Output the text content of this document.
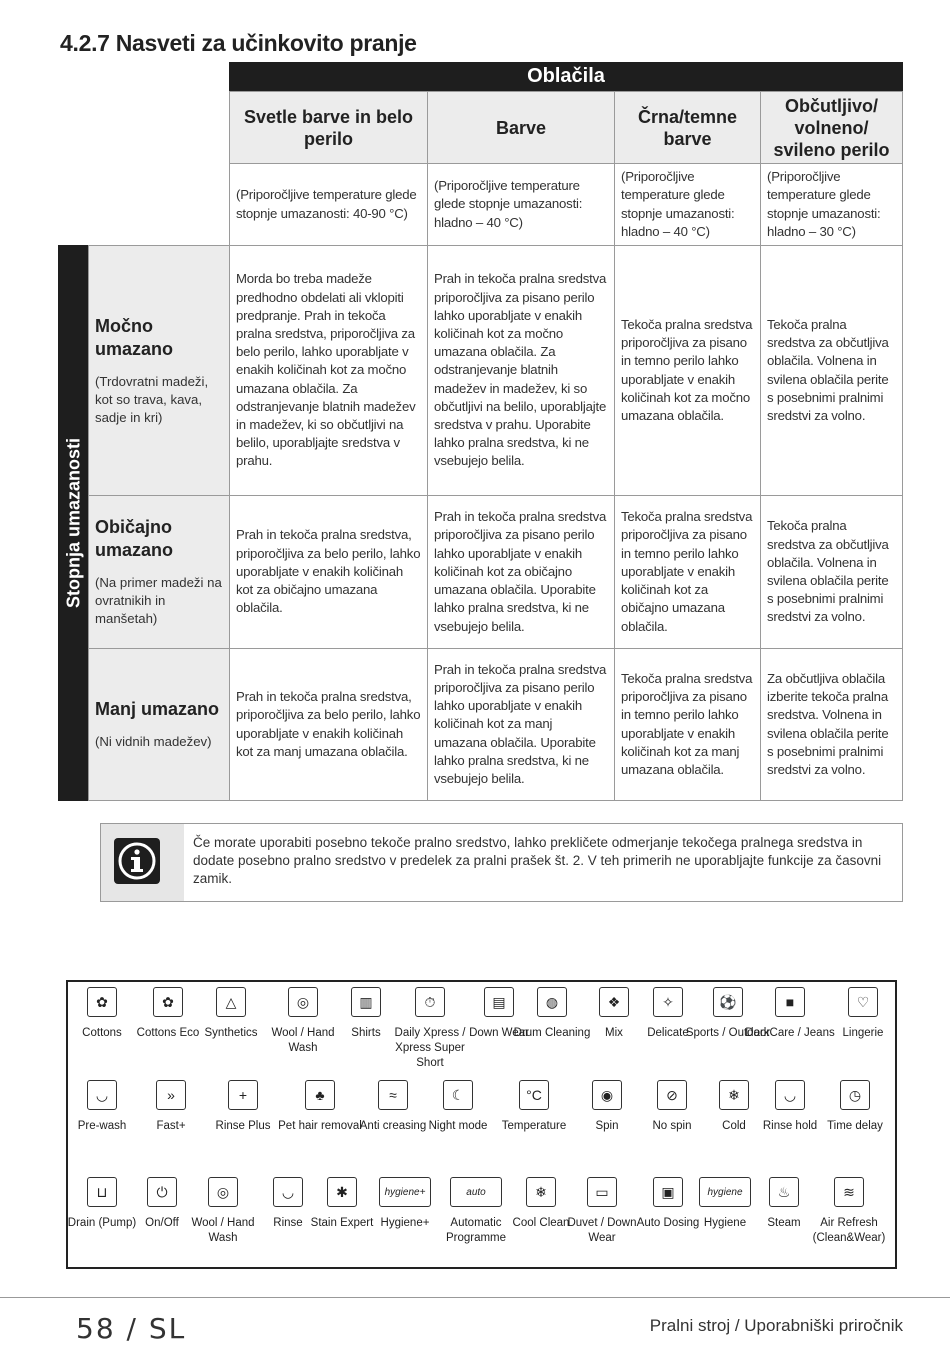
4.2.7 Nasveti za učinkovito pranje
Oblačila
Svetle barve in belo perilo
Barve
Črna/temne barve
Občutljivo/ volneno/ svileno perilo
(Priporočljive temperature glede stopnje umazanosti: 40-90 °C)
(Priporočljive temperature glede stopnje umazanosti: hladno – 40 °C)
(Priporočljive temperature glede stopnje umazanosti: hladno – 40 °C)
(Priporočljive temperature glede stopnje umazanosti: hladno – 30 °C)
Stopnja umazanosti
Močno umazano
(Trdovratni madeži, kot so trava, kava, sadje in kri)
Morda bo treba madeže predhodno obdelati ali vklopiti predpranje. Prah in tekoča pralna sredstva, priporočljiva za belo perilo, lahko uporabljate v enakih količinah kot za močno umazana oblačila. Za odstranjevanje blatnih madežev in madežev, ki so občutljivi na belilo, uporabljajte sredstva v prahu.
Prah in tekoča pralna sredstva priporočljiva za pisano perilo lahko uporabljate v enakih količinah kot za močno umazana oblačila. Za odstranjevanje blatnih madežev in madežev, ki so občutljivi na belilo, uporabljajte sredstva v prahu. Uporabite lahko pralna sredstva, ki ne vsebujejo belila.
Tekoča pralna sredstva priporočljiva za pisano in temno perilo lahko uporabljate v enakih količinah kot za močno umazana oblačila.
Tekoča pralna sredstva za občutljiva oblačila. Volnena in svilena oblačila perite s posebnimi pralnimi sredstvi za volno.
Običajno umazano
(Na primer madeži na ovratnikih in manšetah)
Prah in tekoča pralna sredstva, priporočljiva za belo perilo, lahko uporabljate v enakih količinah kot za običajno umazana oblačila.
Prah in tekoča pralna sredstva priporočljiva za pisano perilo lahko uporabljate v enakih količinah kot za običajno umazana oblačila. Uporabite lahko pralna sredstva, ki ne vsebujejo belila.
Tekoča pralna sredstva priporočljiva za pisano in temno perilo lahko uporabljate v enakih količinah kot za običajno umazana oblačila.
Tekoča pralna sredstva za občutljiva oblačila. Volnena in svilena oblačila perite s posebnimi pralnimi sredstvi za volno.
Manj umazano
(Ni vidnih madežev)
Prah in tekoča pralna sredstva, priporočljiva za belo perilo, lahko uporabljate v enakih količinah kot za manj umazana oblačila.
Prah in tekoča pralna sredstva priporočljiva za pisano perilo lahko uporabljate v enakih količinah kot za manj umazana oblačila. Uporabite lahko pralna sredstva, ki ne vsebujejo belila.
Tekoča pralna sredstva priporočljiva za pisano in temno perilo lahko uporabljate v enakih količinah kot za manj umazana oblačila.
Za občutljiva oblačila izberite tekoča pralna sredstva. Volnena in svilena oblačila perite s posebnimi pralnimi sredstvi za volno.
Če morate uporabiti posebno tekoče pralno sredstvo, lahko prekličete odmerjanje tekočega pralnega sredstva in dodate posebno pralno sredstvo v predelek za pralni prašek št. 2. V teh primerih ne uporabljajte funkcije za časovni zamik.
✿
Cottons
✿
Cottons Eco
△
Synthetics
◎
Wool / Hand Wash
▥
Shirts
⏱
Daily Xpress / Xpress Super Short
▤
Down Wear
◍
Drum Cleaning
❖
Mix
✧
Delicate
⚽
Sports / Outdoor
■
DarkCare / Jeans
♡
Lingerie
◡
Pre-wash
»
Fast+
+
Rinse Plus
♣
Pet hair removal
≈
Anti creasing
☾
Night mode
°C
Temperature
◉
Spin
⊘
No spin
❄
Cold
◡
Rinse hold
◷
Time delay
⊔
Drain (Pump)
⏻
On/Off
◎
Wool / Hand Wash
◡
Rinse
✱
Stain Expert
hygiene+
Hygiene+
auto
Automatic Programme
❄
Cool Clean
▭
Duvet / Down Wear
▣
Auto Dosing
hygiene
Hygiene
♨
Steam
≋
Air Refresh (Clean&Wear)
58 / SL	Pralni stroj / Uporabniški priročnik
